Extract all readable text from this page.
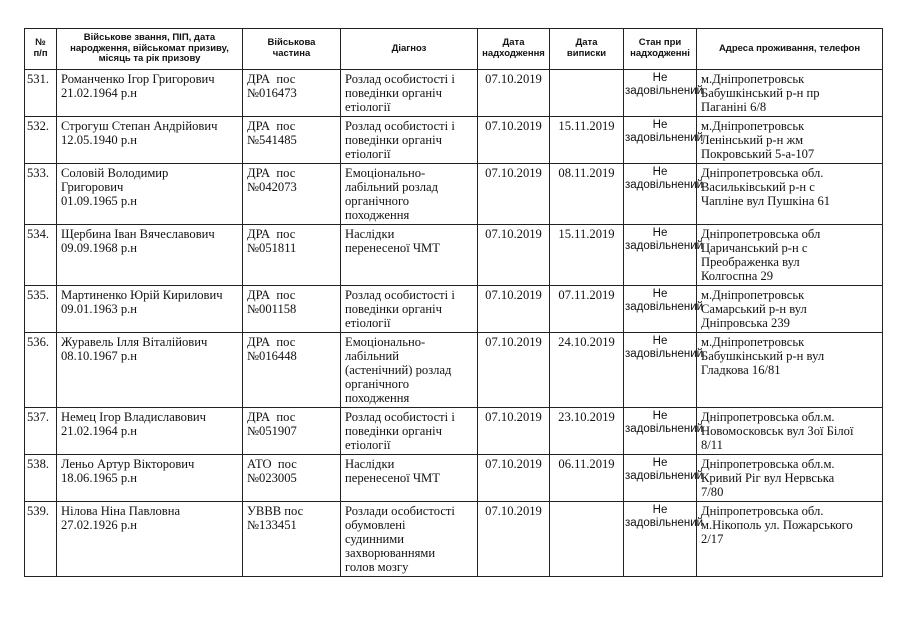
№
п/п	Військове звання, ПІП, дата
народження, військомат призиву,
місяць та рік призову	Військова
частина	Діагноз	Дата
надходження	Дата
виписки	Стан при
надходженні	Адреса проживання, телефон

531.	Романченко Ігор Григорович
21.02.1964 р.н	ДРА  пос
№016473	Розлад особистості і
поведінки органіч
етіології	07.10.2019		Не
задовільнений	м.Дніпропетровськ
Бабушкінський р-н пр
Паганіні 6/8

532.	Строгуш Степан Андрійович
12.05.1940 р.н	ДРА  пос
№541485	Розлад особистості і
поведінки органіч
етіології	07.10.2019	15.11.2019	Не
задовільнений	м.Дніпропетровськ
Ленінський р-н жм
Покровський 5-а-107

533.	Соловій Володимир
Григорович
01.09.1965 р.н	ДРА  пос
№042073	Емоціонально-
лабільний розлад
органічного
походження	07.10.2019	08.11.2019	Не
задовільнений	Дніпропетровська обл.
Васильківський р-н с
Чапліне вул Пушкіна 61

534.	Щербина Іван Вячеславович
09.09.1968 р.н	ДРА  пос
№051811	Наслідки
перенесеної ЧМТ	07.10.2019	15.11.2019	Не
задовільнений	Дніпропетровська обл
Царичанський р-н с
Преображенка вул
Колгоспна 29

535.	Мартиненко Юрій Кирилович
09.01.1963 р.н	ДРА  пос
№001158	Розлад особистості і
поведінки органіч
етіології	07.10.2019	07.11.2019	Не
задовільнений	м.Дніпропетровськ
Самарський р-н вул
Дніпровська 239

536.	Журавель Ілля Віталійович
08.10.1967 р.н	ДРА  пос
№016448	Емоціонально-
лабільний
(астенічний) розлад
органічного
походження	07.10.2019	24.10.2019	Не
задовільнений	м.Дніпропетровськ
Бабушкінський р-н вул
Гладкова 16/81

537.	Немец Ігор Владиславович
21.02.1964 р.н	ДРА  пос
№051907	Розлад особистості і
поведінки органіч
етіології	07.10.2019	23.10.2019	Не
задовільнений	Дніпропетровська обл.м.
Новомосковськ вул Зої Білої
8/11

538.	Леньо Артур Вікторович
18.06.1965 р.н	АТО  пос
№023005	Наслідки
перенесеної ЧМТ	07.10.2019	06.11.2019	Не
задовільнений	Дніпропетровська обл.м.
Кривий Ріг вул Нервська
7/80

539.	Нілова Ніна Павловна
27.02.1926 р.н	УВВВ пос
№133451	Розлади особистості
обумовлені
судинними
захворюваннями
голов мозгу	07.10.2019		Не
задовільнений	Дніпропетровська обл.
м.Нікополь ул. Пожарського
2/17
